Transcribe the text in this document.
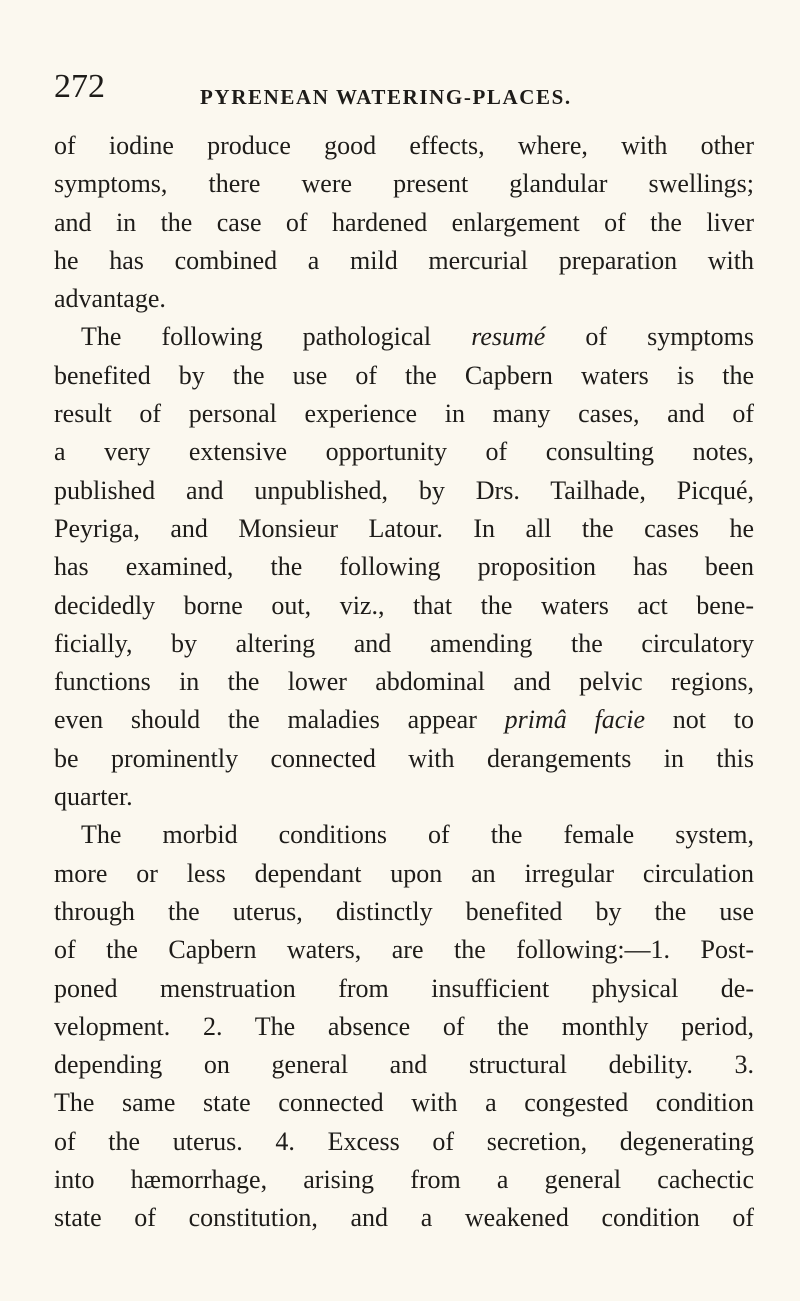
272	PYRENEAN WATERING-PLACES.
of iodine produce good effects, where, with other
symptoms, there were present glandular swellings;
and in the case of hardened enlargement of the liver
he has combined a mild mercurial preparation with
advantage.
The following pathological resumé of symptoms
benefited by the use of the Capbern waters is the
result of personal experience in many cases, and of
a very extensive opportunity of consulting notes,
published and unpublished, by Drs. Tailhade, Picqué,
Peyriga, and Monsieur Latour. In all the cases he
has examined, the following proposition has been
decidedly borne out, viz., that the waters act bene-
ficially, by altering and amending the circulatory
functions in the lower abdominal and pelvic regions,
even should the maladies appear primâ facie not to
be prominently connected with derangements in this
quarter.
The morbid conditions of the female system,
more or less dependant upon an irregular circulation
through the uterus, distinctly benefited by the use
of the Capbern waters, are the following:—1. Post-
poned menstruation from insufficient physical de-
velopment. 2. The absence of the monthly period,
depending on general and structural debility. 3.
The same state connected with a congested condition
of the uterus. 4. Excess of secretion, degenerating
into hæmorrhage, arising from a general cachectic
state of constitution, and a weakened condition of
